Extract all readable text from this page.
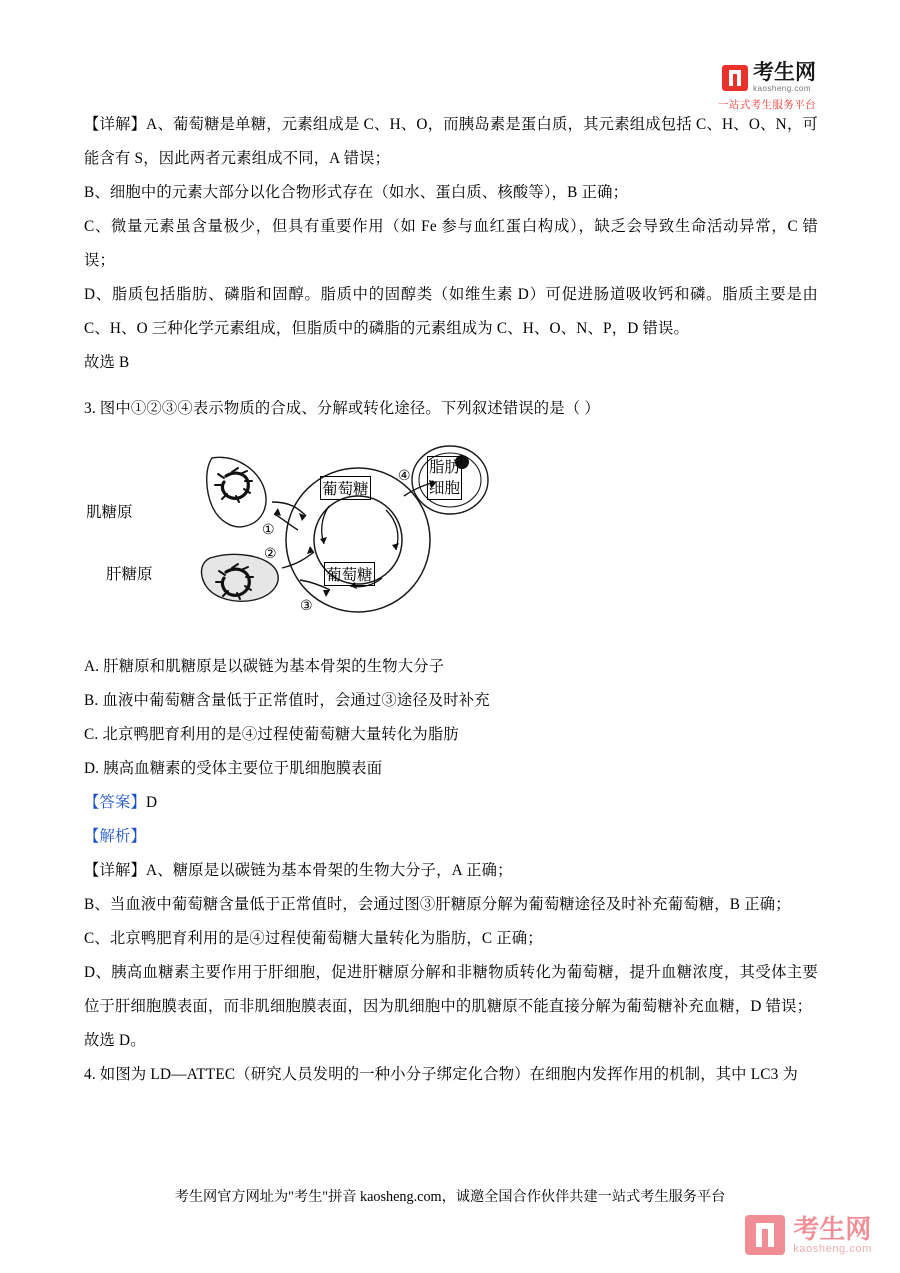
考生网
kaosheng.com
一站式考生服务平台

【详解】A、葡萄糖是单糖，元素组成是 C、H、O，而胰岛素是蛋白质，其元素组成包括 C、H、O、N，可能含有 S，因此两者元素组成不同，A 错误；

B、细胞中的元素大部分以化合物形式存在（如水、蛋白质、核酸等），B 正确；

C、微量元素虽含量极少，但具有重要作用（如 Fe 参与血红蛋白构成），缺乏会导致生命活动异常，C 错误；

D、脂质包括脂肪、磷脂和固醇。脂质中的固醇类（如维生素 D）可促进肠道吸收钙和磷。脂质主要是由 C、H、O 三种化学元素组成，但脂质中的磷脂的元素组成为 C、H、O、N、P，D 错误。

故选 B

3. 图中①②③④表示物质的合成、分解或转化途径。下列叙述错误的是（ ）

肌糖原
肝糖原
葡萄糖
葡萄糖
脂肪
细胞
①
②
③
④

A. 肝糖原和肌糖原是以碳链为基本骨架的生物大分子

B. 血液中葡萄糖含量低于正常值时，会通过③途径及时补充

C. 北京鸭肥育利用的是④过程使葡萄糖大量转化为脂肪

D. 胰高血糖素的受体主要位于肌细胞膜表面

【答案】D

【解析】

【详解】A、糖原是以碳链为基本骨架的生物大分子，A 正确；

B、当血液中葡萄糖含量低于正常值时，会通过图③肝糖原分解为葡萄糖途径及时补充葡萄糖，B 正确；

C、北京鸭肥育利用的是④过程使葡萄糖大量转化为脂肪，C 正确；

D、胰高血糖素主要作用于肝细胞，促进肝糖原分解和非糖物质转化为葡萄糖，提升血糖浓度，其受体主要位于肝细胞膜表面，而非肌细胞膜表面，因为肌细胞中的肌糖原不能直接分解为葡萄糖补充血糖，D 错误；

故选 D。

4. 如图为 LD—ATTEC（研究人员发明的一种小分子绑定化合物）在细胞内发挥作用的机制，其中 LC3 为

考生网官方网址为"考生"拼音 kaosheng.com，诚邀全国合作伙伴共建一站式考生服务平台
考生网
kaosheng.com
